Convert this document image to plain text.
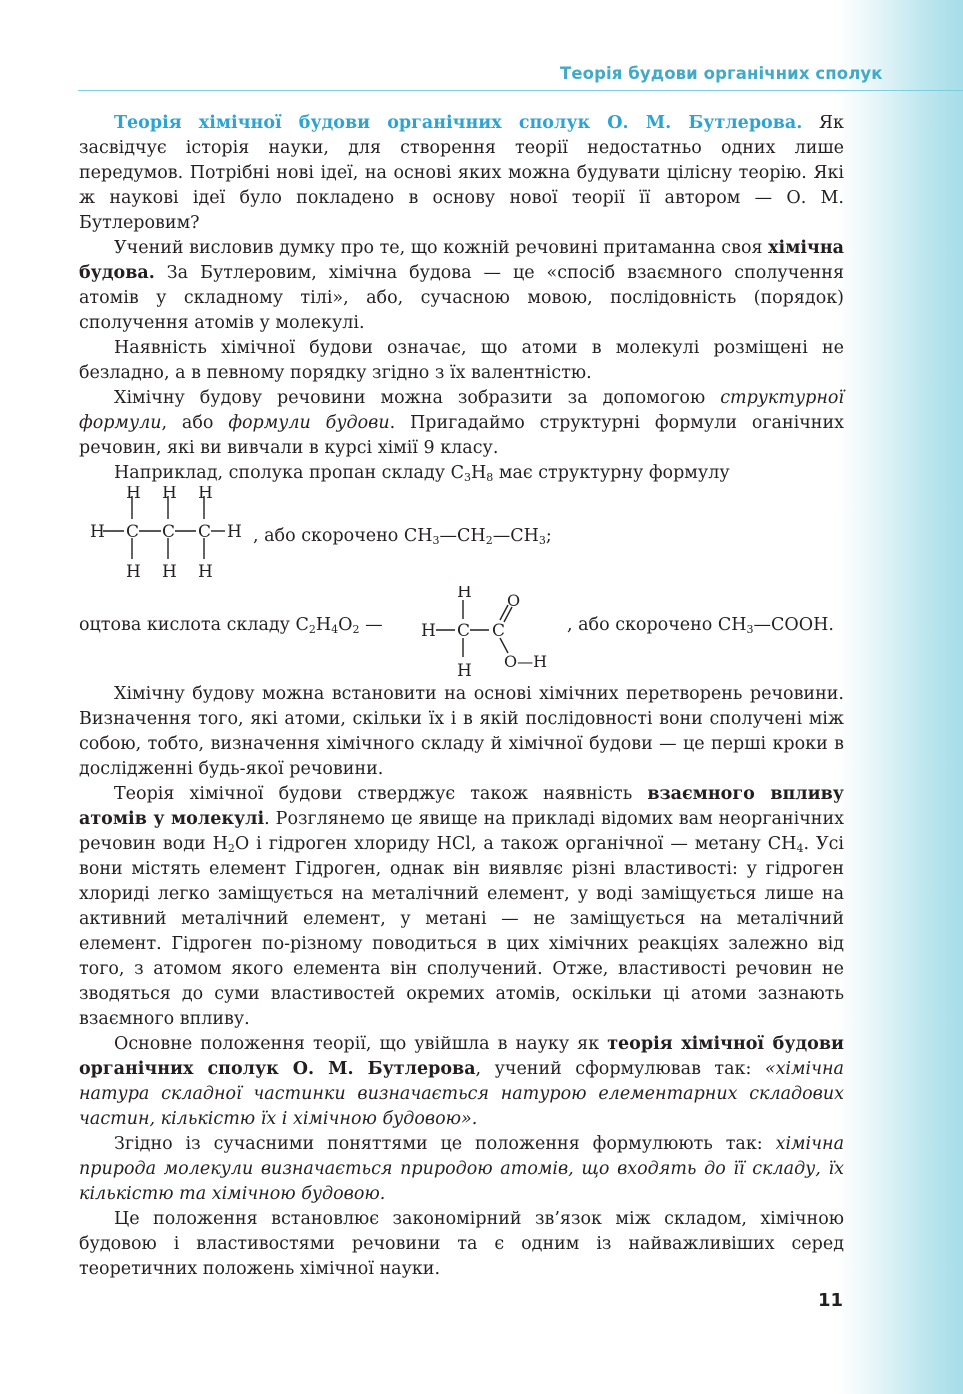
Теорія будови органічних сполук

Теорія хімічної будови органічних сполук О. М. Бутлерова. Як засвідчує історія науки, для створення теорії недостатньо одних лише передумов. Потрібні нові ідеї, на основі яких можна будувати цілісну теорію. Які ж наукові ідеї було покладено в основу нової теорії її автором — О. М. Бутлеровим?

Учений висловив думку про те, що кожній речовині притаманна своя хімічна будова. За Бутлеровим, хімічна будова — це «спосіб взаємного сполучення атомів у складному тілі», або, сучасною мовою, послідовність (порядок) сполучення атомів у молекулі.

Наявність хімічної будови означає, що атоми в молекулі розміщені не безладно, а в певному порядку згідно з їх валентністю.

Хімічну будову речовини можна зобразити за допомогою структурної формули, або формули будови. Пригадаймо структурні формули оганічних речовин, які ви вивчали в курсі хімії 9 класу.

Наприклад, сполука пропан складу $C_3H_8$ має структурну формулу

H H H
H C C C H
H H H
, або скорочено $CH_3—CH_2—CH_3$;
оцтова кислота складу $C_2H_4O_2$ —
H
H C C
O
H O—H
, або скорочено $CH_3—COOH$.

Хімічну будову можна встановити на основі хімічних перетворень речовини. Визначення того, які атоми, скільки їх і в якій послідовності вони сполучені між собою, тобто, визначення хімічного складу й хімічної будови — це перші кроки в дослідженні будь-якої речовини.

Теорія хімічної будови стверджує також наявність взаємного впливу атомів у молекулі. Розглянемо це явище на прикладі відомих вам неорганічних речовин води $H_2O$ і гідроген хлориду HCl, а також органічної — метану $CH_4$. Усі вони містять елемент Гідроген, однак він виявляє різні властивості: у гідроген хлориді легко заміщується на металічний елемент, у воді заміщується лише на активний металічний елемент, у метані — не заміщується на металічний елемент. Гідроген по-різному поводиться в цих хімічних реакціях залежно від того, з атомом якого елемента він сполучений. Отже, властивості речовин не зводяться до суми властивостей окремих атомів, оскільки ці атоми зазнають взаємного впливу.

Основне положення теорії, що увійшла в науку як теорія хімічної будови органічних сполук О. М. Бутлерова, учений сформулював так: «хімічна натура складної частинки визначається натурою елементарних складових частин, кількістю їх і хімічною будовою».

Згідно із сучасними поняттями це положення формулюють так: хімічна природа молекули визначається природою атомів, що входять до її складу, їх кількістю та хімічною будовою.

Це положення встановлює закономірний зв’язок між складом, хімічною будовою і властивостями речовини та є одним із найважливіших серед теоретичних положень хімічної науки.

11
